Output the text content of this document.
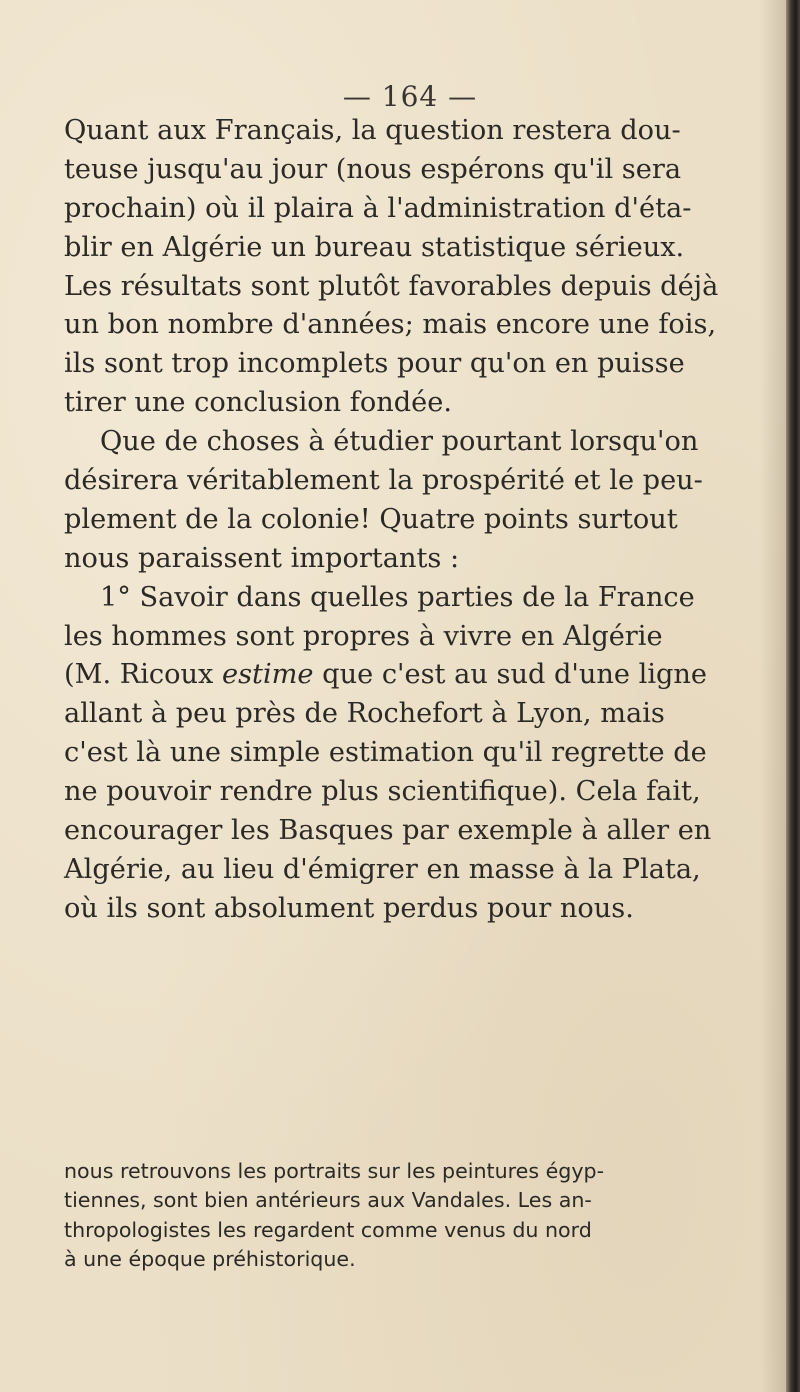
— 164 —
Quant aux Français, la question restera dou-
teuse jusqu'au jour (nous espérons qu'il sera
prochain) où il plaira à l'administration d'éta-
blir en Algérie un bureau statistique sérieux.
Les résultats sont plutôt favorables depuis déjà
un bon nombre d'années; mais encore une fois,
ils sont trop incomplets pour qu'on en puisse
tirer une conclusion fondée.
Que de choses à étudier pourtant lorsqu'on
désirera véritablement la prospérité et le peu-
plement de la colonie! Quatre points surtout
nous paraissent importants :
1° Savoir dans quelles parties de la France
les hommes sont propres à vivre en Algérie
(M. Ricoux estime que c'est au sud d'une ligne
allant à peu près de Rochefort à Lyon, mais
c'est là une simple estimation qu'il regrette de
ne pouvoir rendre plus scientifique). Cela fait,
encourager les Basques par exemple à aller en
Algérie, au lieu d'émigrer en masse à la Plata,
où ils sont absolument perdus pour nous.
nous retrouvons les portraits sur les peintures égyp-
tiennes, sont bien antérieurs aux Vandales. Les an-
thropologistes les regardent comme venus du nord
à une époque préhistorique.
